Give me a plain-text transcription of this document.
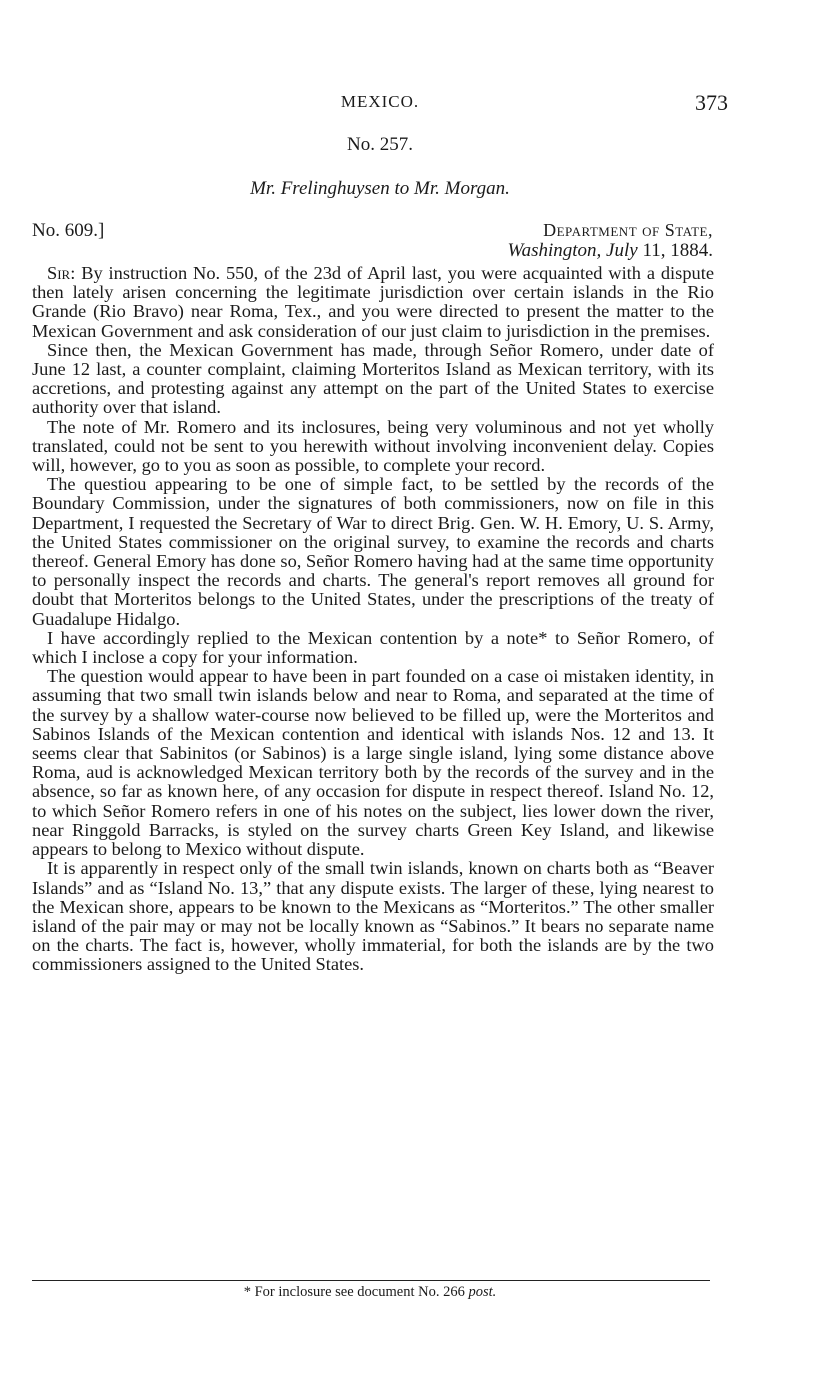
MEXICO.	373
No. 257.
Mr. Frelinghuysen to Mr. Morgan.
No. 609.]	Department of State,
Washington, July 11, 1884.

Sir: By instruction No. 550, of the 23d of April last, you were acquainted with a dispute then lately arisen concerning the legitimate jurisdiction over certain islands in the Rio Grande (Rio Bravo) near Roma, Tex., and you were directed to present the matter to the Mexican Government and ask consideration of our just claim to jurisdiction in the premises.

Since then, the Mexican Government has made, through Señor Romero, under date of June 12 last, a counter complaint, claiming Morteritos Island as Mexican territory, with its accretions, and protesting against any attempt on the part of the United States to exercise authority over that island.

The note of Mr. Romero and its inclosures, being very voluminous and not yet wholly translated, could not be sent to you herewith without involving inconvenient delay. Copies will, however, go to you as soon as possible, to complete your record.

The questiou appearing to be one of simple fact, to be settled by the records of the Boundary Commission, under the signatures of both commissioners, now on file in this Department, I requested the Secretary of War to direct Brig. Gen. W. H. Emory, U. S. Army, the United States commissioner on the original survey, to examine the records and charts thereof. General Emory has done so, Señor Romero having had at the same time opportunity to personally inspect the records and charts. The general's report removes all ground for doubt that Morteritos belongs to the United States, under the prescriptions of the treaty of Guadalupe Hidalgo.

I have accordingly replied to the Mexican contention by a note* to Señor Romero, of which I inclose a copy for your information.

The question would appear to have been in part founded on a case oi mistaken identity, in assuming that two small twin islands below and near to Roma, and separated at the time of the survey by a shallow water-course now believed to be filled up, were the Morteritos and Sabinos Islands of the Mexican contention and identical with islands Nos. 12 and 13. It seems clear that Sabinitos (or Sabinos) is a large single island, lying some distance above Roma, aud is acknowledged Mexican territory both by the records of the survey and in the absence, so far as known here, of any occasion for dispute in respect thereof. Island No. 12, to which Señor Romero refers in one of his notes on the subject, lies lower down the river, near Ringgold Barracks, is styled on the survey charts Green Key Island, and likewise appears to belong to Mexico without dispute.

It is apparently in respect only of the small twin islands, known on charts both as “Beaver Islands” and as “Island No. 13,” that any dispute exists. The larger of these, lying nearest to the Mexican shore, appears to be known to the Mexicans as “Morteritos.” The other smaller island of the pair may or may not be locally known as “Sabinos.” It bears no separate name on the charts. The fact is, however, wholly immaterial, for both the islands are by the two commissioners assigned to the United States.

* For inclosure see document No. 266 post.
